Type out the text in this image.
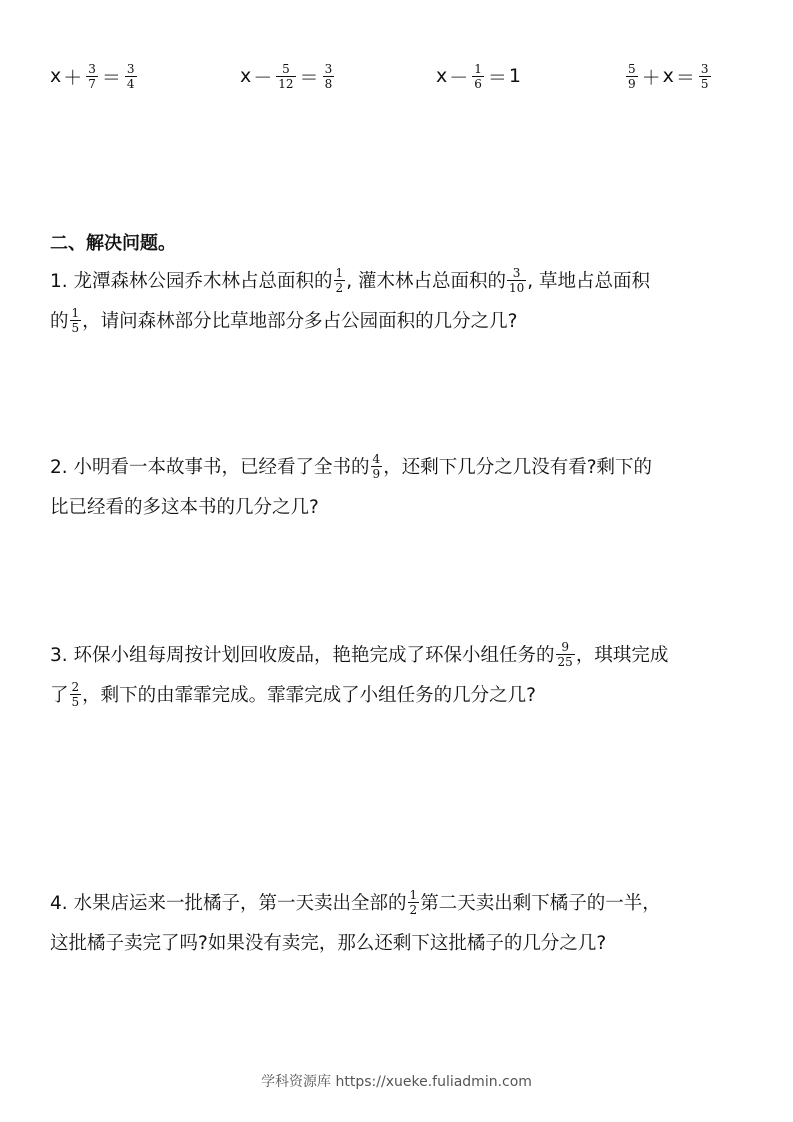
$x + \frac{3}{7} = \frac{3}{4}$	$x - \frac{5}{12} = \frac{3}{8}$	$x - \frac{1}{6} = 1$	$\frac{5}{9} + x = \frac{3}{5}$
二、解决问题。
1. 龙潭森林公园乔木林占总面积的 $\frac{1}{2}$ , 灌木林占总面积的 $\frac{3}{10}$ , 草地占总面积
的 $\frac{1}{5}$ ，请问森林部分比草地部分多占公园面积的几分之几?
2. 小明看一本故事书，已经看了全书的 $\frac{4}{9}$ ，还剩下几分之几没有看?剩下的
比已经看的多这本书的几分之几?
3. 环保小组每周按计划回收废品，艳艳完成了环保小组任务的 $\frac{9}{25}$ ，琪琪完成
了 $\frac{2}{5}$ ，剩下的由霏霏完成。霏霏完成了小组任务的几分之几?
4. 水果店运来一批橘子，第一天卖出全部的 $\frac{1}{2}$ 第二天卖出剩下橘子的一半，
这批橘子卖完了吗?如果没有卖完，那么还剩下这批橘子的几分之几?
学科资源库 https://xueke.fuliadmin.com
